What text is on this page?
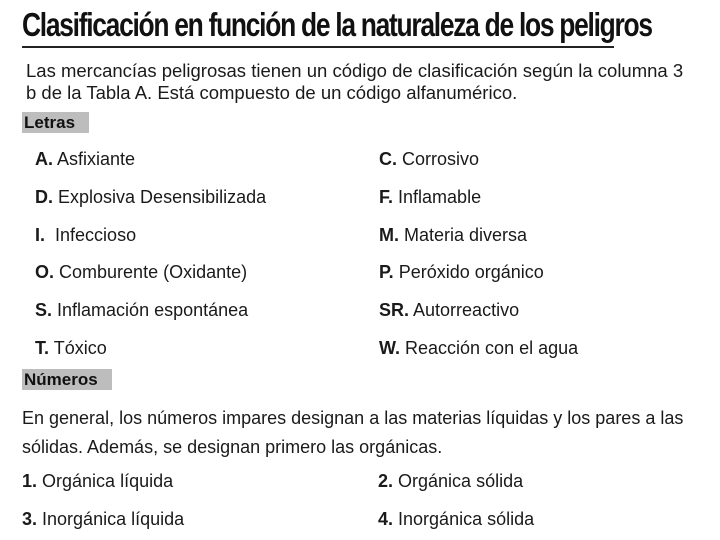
Clasificación en función de la naturaleza de los peligros
Las mercancías peligrosas tienen un código de clasificación según la columna 3 b de la Tabla A. Está compuesto de un código alfanumérico.
Letras
A. Asfixiante
D. Explosiva Desensibilizada
I. Infeccioso
O. Comburente (Oxidante)
S. Inflamación espontánea
T. Tóxico
C. Corrosivo
F. Inflamable
M. Materia diversa
P. Peróxido orgánico
SR. Autorreactivo
W. Reacción con el agua
Números
En general, los números impares designan a las materias líquidas y los pares a las sólidas. Además, se designan primero las orgánicas.
1. Orgánica líquida	2. Orgánica sólida
3. Inorgánica líquida	4. Inorgánica sólida
